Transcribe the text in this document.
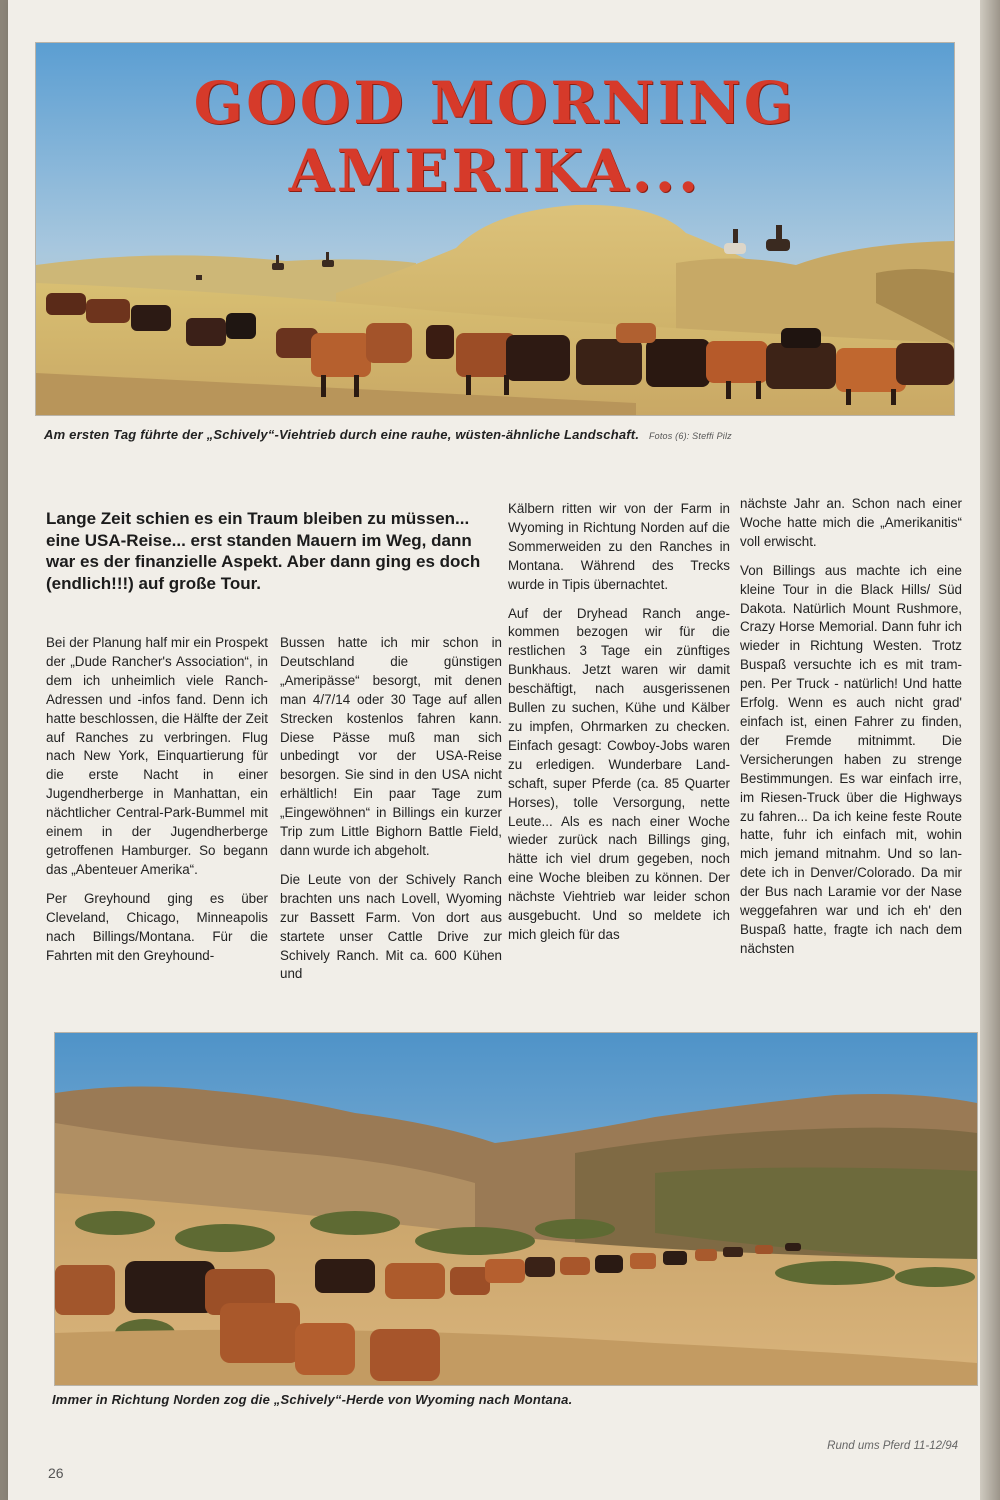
GOOD MORNING AMERIKA...
Am ersten Tag führte der „Schively“-Viehtrieb durch eine rauhe, wüsten-ähnliche Landschaft. Fotos (6): Steffi Pilz
Lange Zeit schien es ein Traum bleiben zu müssen... eine USA-Reise... erst standen Mauern im Weg, dann war es der finanzielle Aspekt. Aber dann ging es doch (endlich!!!) auf große Tour.

Bei der Planung half mir ein Prospekt der „Dude Rancher's Association“, in dem ich unheimlich viele Ranch-Adressen und -infos fand. Denn ich hatte beschlossen, die Hälfte der Zeit auf Ranches zu verbringen. Flug nach New York, Einquartierung für die erste Nacht in einer Jugendherberge in Manhattan, ein nächtlicher Central-Park-Bummel mit einem in der Jugendherberge getroffenen Hamburger. So begann das „Abenteuer Amerika“.

Per Greyhound ging es über Cleveland, Chicago, Minneapolis nach Billings/Montana. Für die Fahrten mit den Greyhound-

Bussen hatte ich mir schon in Deutschland die günstigen „Ameripässe“ besorgt, mit denen man 4/7/14 oder 30 Tage auf allen Strecken kostenlos fahren kann. Diese Pässe muß man sich unbedingt vor der USA-Reise besorgen. Sie sind in den USA nicht erhältlich! Ein paar Tage zum „Eingewöhnen“ in Billings ein kurzer Trip zum Little Bighorn Battle Field, dann wurde ich abgeholt.

Die Leute von der Schively Ranch brachten uns nach Lovell, Wyoming zur Bassett Farm. Von dort aus startete unser Cattle Drive zur Schively Ranch. Mit ca. 600 Kühen und

Kälbern ritten wir von der Farm in Wyoming in Richtung Norden auf die Sommerweiden zu den Ranches in Montana. Während des Trecks wurde in Tipis übernachtet.

Auf der Dryhead Ranch angekommen bezogen wir für die restlichen 3 Tage ein zünftiges Bunkhaus. Jetzt waren wir damit beschäftigt, nach ausgerissenen Bullen zu suchen, Kühe und Kälber zu impfen, Ohrmarken zu checken. Einfach gesagt: Cowboy-Jobs waren zu erledigen. Wunderbare Landschaft, super Pferde (ca. 85 Quarter Horses), tolle Versorgung, nette Leute... Als es nach einer Woche wieder zurück nach Billings ging, hätte ich viel drum gegeben, noch eine Woche bleiben zu können. Der nächste Viehtrieb war leider schon ausgebucht. Und so meldete ich mich gleich für das

nächste Jahr an. Schon nach einer Woche hatte mich die „Amerikanitis“ voll erwischt.

Von Billings aus machte ich eine kleine Tour in die Black Hills/ Süd Dakota. Natürlich Mount Rushmore, Crazy Horse Memorial. Dann fuhr ich wieder in Richtung Westen. Trotz Buspaß versuchte ich es mit trampen. Per Truck - natürlich! Und hatte Erfolg. Wenn es auch nicht grad' einfach ist, einen Fahrer zu finden, der Fremde mitnimmt. Die Versicherungen haben zu strenge Bestimmungen. Es war einfach irre, im Riesen-Truck über die Highways zu fahren... Da ich keine feste Route hatte, fuhr ich einfach mit, wohin mich jemand mitnahm. Und so landete ich in Denver/Colorado. Da mir der Bus nach Laramie vor der Nase weggefahren war und ich eh' den Buspaß hatte, fragte ich nach dem nächsten

Immer in Richtung Norden zog die „Schively“-Herde von Wyoming nach Montana.
Rund ums Pferd 11-12/94
26
